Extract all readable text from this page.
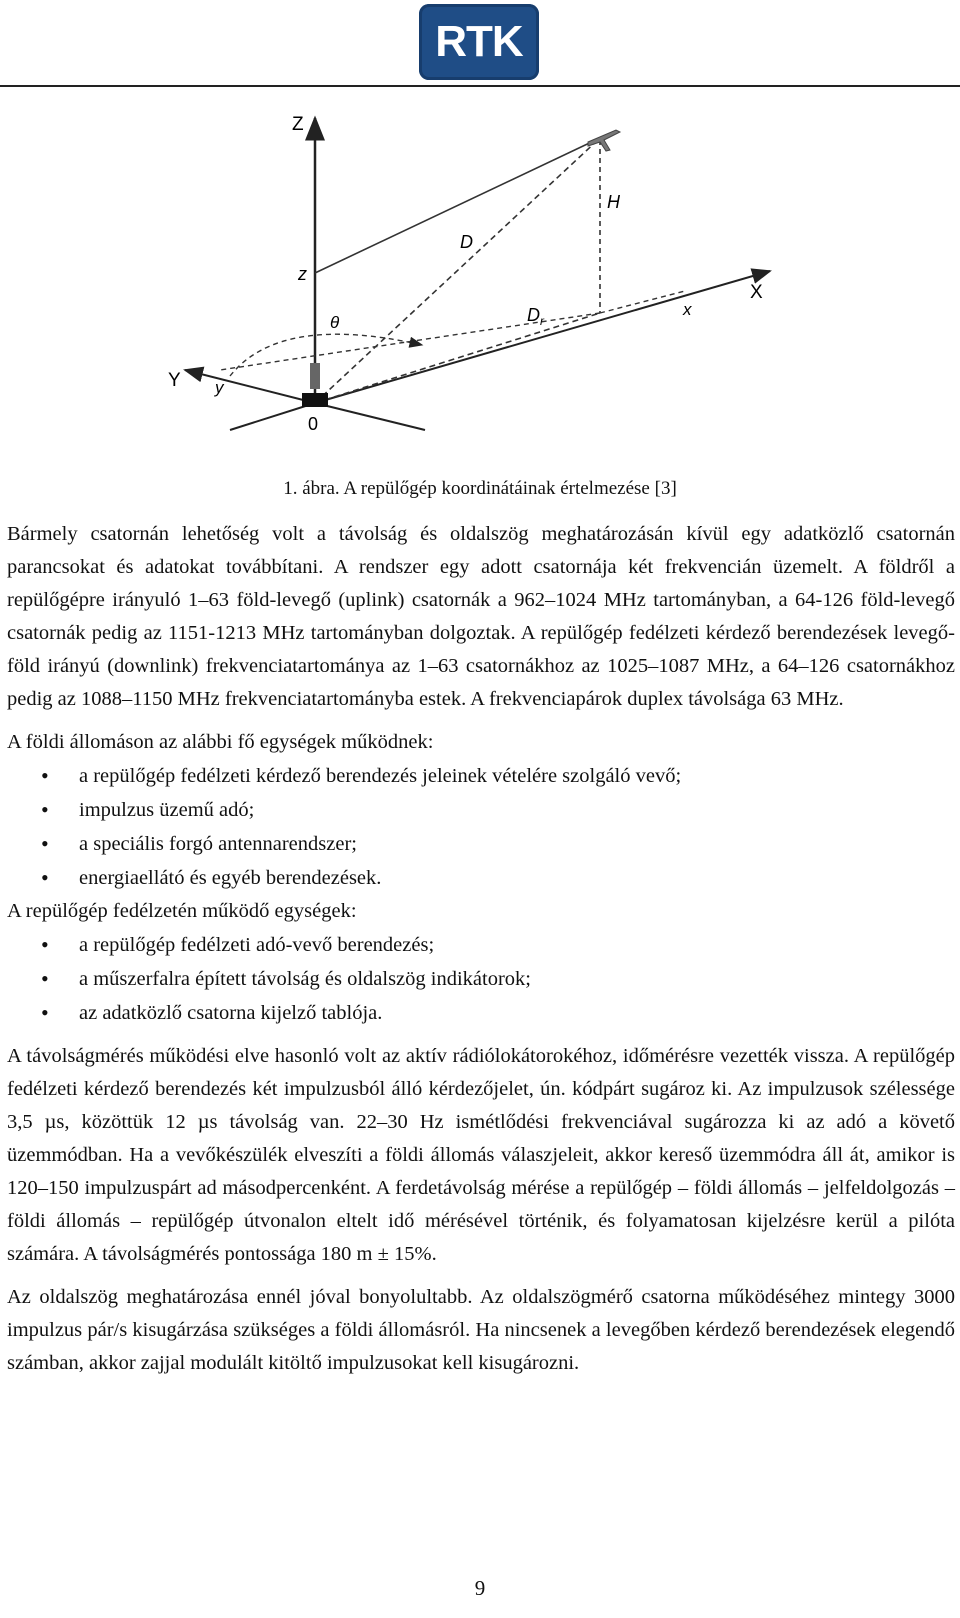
RTK
Z
z
H
D
$D_r$
X
x
θ
Y y
0
1. ábra. A repülőgép koordinátáinak értelmezése [3]

Bármely csatornán lehetőség volt a távolság és oldalszög meghatározásán kívül egy adatközlő csatornán parancsokat és adatokat továbbítani. A rendszer egy adott csatornája két frekvencián üzemelt. A földről a repülőgépre irányuló 1–63 föld-levegő (uplink) csatornák a 962–1024 MHz tartományban, a 64-126 föld-levegő csatornák pedig az 1151-1213 MHz tartományban dolgoztak. A repülőgép fedélzeti kérdező berendezések levegő-föld irányú (downlink) frekvenciatartománya az 1–63 csatornákhoz az 1025–1087 MHz, a 64–126 csatornákhoz pedig az 1088–1150 MHz frekvenciatartományba estek. A frekvenciapárok duplex távolsága 63 MHz.

A földi állomáson az alábbi fő egységek működnek:

• a repülőgép fedélzeti kérdező berendezés jeleinek vételére szolgáló vevő;
• impulzus üzemű adó;
• a speciális forgó antennarendszer;
• energiaellátó és egyéb berendezések.

A repülőgép fedélzetén működő egységek:

• a repülőgép fedélzeti adó-vevő berendezés;
• a műszerfalra épített távolság és oldalszög indikátorok;
• az adatközlő csatorna kijelző tablója.

A távolságmérés működési elve hasonló volt az aktív rádiólokátorokéhoz, időmérésre vezették vissza. A repülőgép fedélzeti kérdező berendezés két impulzusból álló kérdezőjelet, ún. kódpárt sugároz ki. Az impulzusok szélessége 3,5 µs, közöttük 12 µs távolság van. 22–30 Hz ismétlődési frekvenciával sugározza ki az adó a követő üzemmódban. Ha a vevőkészülék elveszíti a földi állomás válaszjeleit, akkor kereső üzemmódra áll át, amikor is 120–150 impulzuspárt ad másodpercenként. A ferdetávolság mérése a repülőgép – földi állomás – jelfeldolgozás – földi állomás – repülőgép útvonalon eltelt idő mérésével történik, és folyamatosan kijelzésre kerül a pilóta számára. A távolságmérés pontossága 180 m ± 15%.

Az oldalszög meghatározása ennél jóval bonyolultabb. Az oldalszögmérő csatorna működéséhez mintegy 3000 impulzus pár/s kisugárzása szükséges a földi állomásról. Ha nincsenek a levegőben kérdező berendezések elegendő számban, akkor zajjal modulált kitöltő impulzusokat kell kisugározni.

9
